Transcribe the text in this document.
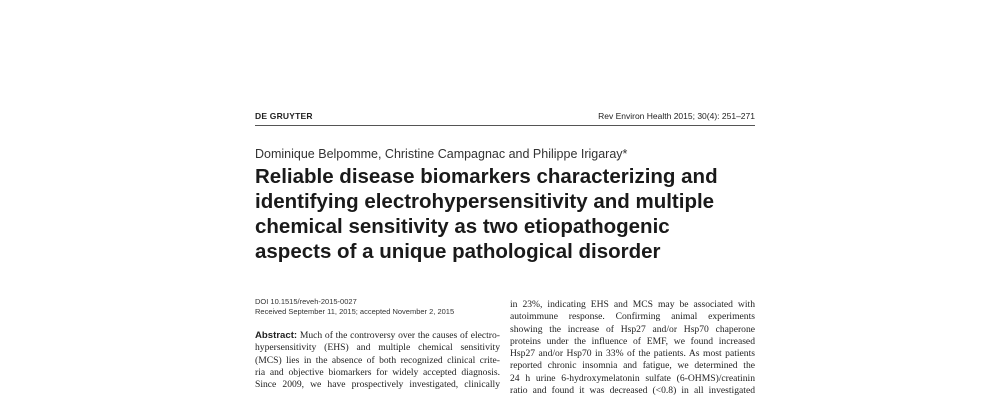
DE GRUYTER	Rev Environ Health 2015; 30(4): 251–271
Dominique Belpomme, Christine Campagnac and Philippe Irigaray*
Reliable disease biomarkers characterizing and
identifying electrohypersensitivity and multiple
chemical sensitivity as two etiopathogenic
aspects of a unique pathological disorder
DOI 10.1515/reveh-2015-0027
Received September 11, 2015; accepted November 2, 2015
Abstract: Much of the controversy over the causes of electro-
hypersensitivity (EHS) and multiple chemical sensitivity
(MCS) lies in the absence of both recognized clinical crite-
ria and objective biomarkers for widely accepted diagnosis.
Since 2009, we have prospectively investigated, clinically
in 23%, indicating EHS and MCS may be associated with
autoimmune response. Confirming animal experiments
showing the increase of Hsp27 and/or Hsp70 chaperone
proteins under the influence of EMF, we found increased
Hsp27 and/or Hsp70 in 33% of the patients. As most patients
reported chronic insomnia and fatigue, we determined the
24 h urine 6-hydroxymelatonin sulfate (6-OHMS)/creatinin
ratio and found it was decreased (<0.8) in all investigated
